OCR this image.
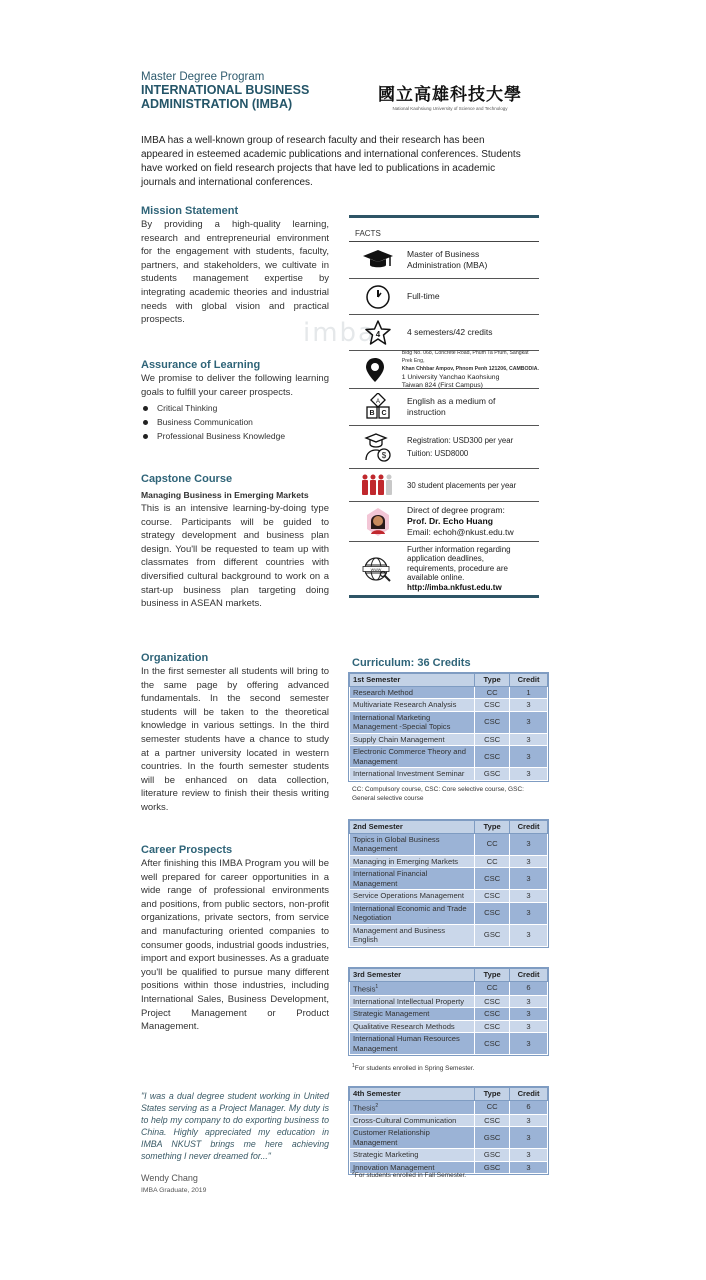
Master Degree Program
INTERNATIONAL BUSINESS
ADMINISTRATION (IMBA)	國立高雄科技大學
National Kaohsiung University of Science and Technology
IMBA has a well-known group of research faculty and their research has been appeared in esteemed academic publications and international conferences. Students have worked on field research projects that have led to publications in academic journals and international conferences.
imba
Mission Statement
By providing a high-quality learning, research and entrepreneurial environment for the engagement with students, faculty, partners, and stakeholders, we cultivate in students management expertise by integrating academic theories and industrial needs with global vision and practical prospects.
Assurance of Learning
We promise to deliver the following learning goals to fulfill your career prospects.
Critical Thinking
Business Communication
Professional Business Knowledge
Capstone Course
Managing Business in Emerging Markets
This is an intensive learning-by-doing type course. Participants will be guided to strategy development and business plan design. You'll be requested to team up with classmates from different countries with diversified cultural background to work on a start-up business plan targeting doing business in ASEAN markets.
FACTS
Master of Business Administration (MBA)
Full-time
4	4 semesters/42 credits
Bldg No. 068, Concrete Road, Phum Ta Prum, Sangkat Prek Eng,
Khan Chhbar Ampov, Phnom Penh 121206, CAMBODIA.
1 University Yanchao Kaohsiung
Taiwan 824 (First Campus)
A
B C
English as a medium of instruction
$
Registration: USD300 per year
Tuition: USD8000
30 student placements per year
Direct of degree program:
Prof. Dr. Echo Huang
Email: echoh@nkust.edu.tw
WWW
Further information regarding application deadlines, requirements, procedure are available online.
http://imba.nkfust.edu.tw
Organization
In the first semester all students will bring to the same page by offering advanced fundamentals. In the second semester students will be taken to the theoretical knowledge in various settings. In the third semester students have a chance to study at a partner university located in western countries. In the fourth semester students will be enhanced on data collection, literature review to finish their thesis writing works.
Career Prospects
After finishing this IMBA Program you will be well prepared for career opportunities in a wide range of professional environments and positions, from public sectors, non-profit organizations, private sectors, from service and manufacturing oriented companies to consumer goods, industrial goods industries, import and export businesses. As a graduate you'll be qualified to pursue many different positions within those industries, including International Sales, Business Development, Project Management or Product Management.
"I was a dual degree student working in United States serving as a Project Manager. My duty is to help my company to do exporting business to China. Highly appreciated my education in IMBA NKUST brings me here achieving something I never dreamed for..."
Wendy Chang
IMBA Graduate, 2019
Curriculum: 36 Credits
1st Semester	Type	Credit
Research Method	CC	1
Multivariate Research Analysis	CSC	3
International Marketing Management -Special Topics	CSC	3
Supply Chain Management	CSC	3
Electronic Commerce Theory and Management	CSC	3
International Investment Seminar	GSC	3
CC: Compulsory course, CSC: Core selective course, GSC: General selective course
2nd Semester	Type	Credit
Topics in Global Business Management	CC	3
Managing in Emerging Markets	CC	3
International Financial Management	CSC	3
Service Operations Management	CSC	3
International Economic and Trade Negotiation	CSC	3
Management and Business English	GSC	3
3rd Semester	Type	Credit
Thesis$^1$	CC	6
International Intellectual Property	CSC	3
Strategic Management	CSC	3
Qualitative Research Methods	CSC	3
International Human Resources Management	CSC	3
$^1$For students enrolled in Spring Semester.
4th Semester	Type	Credit
Thesis$^2$	CC	6
Cross-Cultural Communication	CSC	3
Customer Relationship Management	GSC	3
Strategic Marketing	GSC	3
Innovation Management	GSC	3
$^2$For students enrolled in Fall Semester.
